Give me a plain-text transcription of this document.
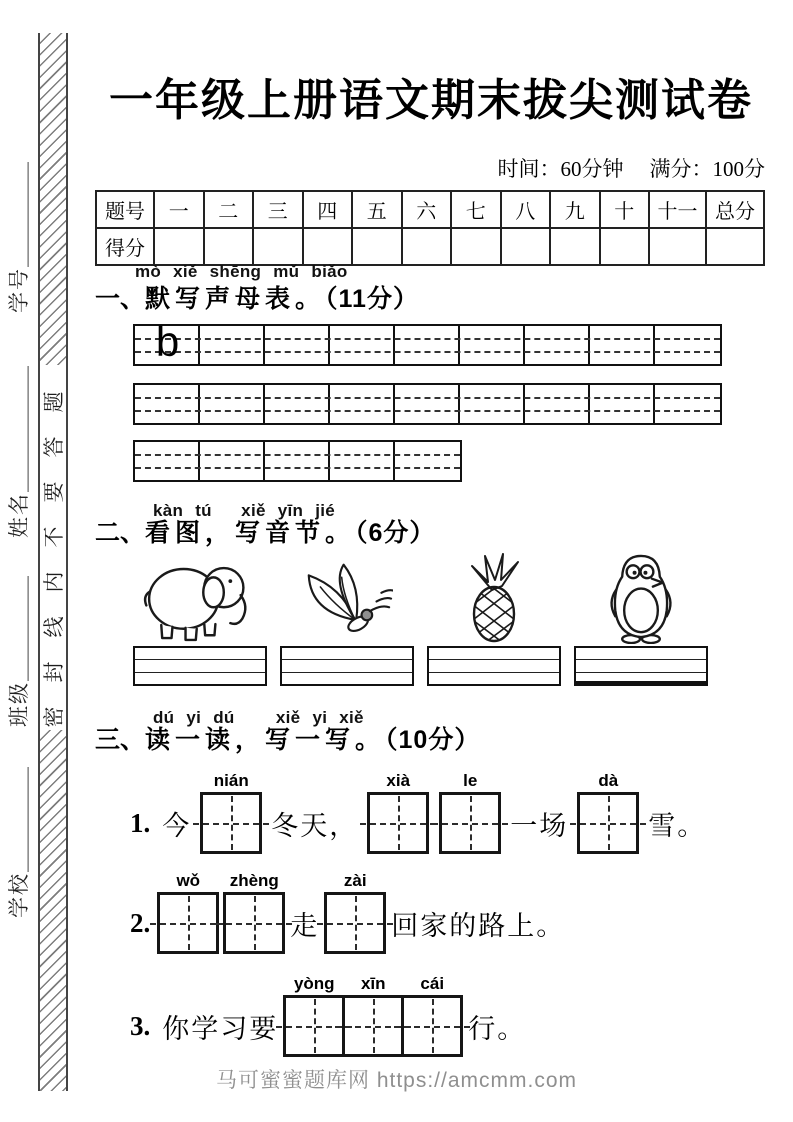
学号＿＿＿＿＿
姓名＿＿＿＿＿＿
班级＿＿＿＿＿
学校＿＿＿＿＿
密封线内不要答题
一年级上册语文期末拔尖测试卷
时间：60分钟 满分：100分
题号	一	二	三	四	五	六	七	八	九	十	十一	总分
得分												
mò xiě shēng mǔ biǎo
一、默写声母表。（11分）
b
kàn tú　 xiě yīn jié
二、看图，写音节。（6分）
dú yi dú　  xiě yi xiě
三、读一读，写一写。（10分）
1. 今
nián
冬天，
xià	le
一场
dà
雪。
2.
wǒ zhèng
走
zài
回家的路上。
3. 你学习要
yòng xīn cái
行。
马可蜜蜜题库网 https://amcmm.com
